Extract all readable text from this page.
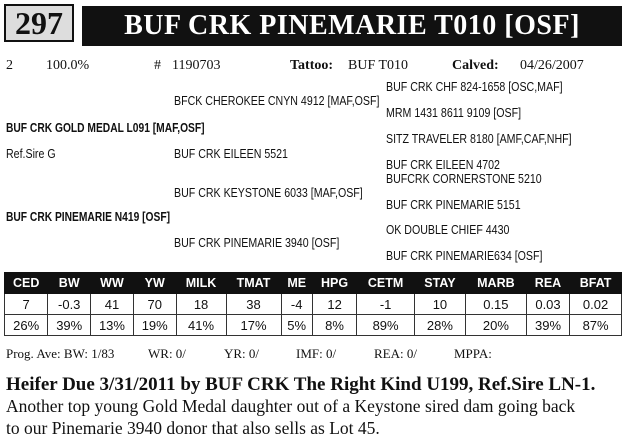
297	BUF CRK PINEMARIE T010 [OSF]
2 100.0%	# 1190703	Tattoo: BUF T010	Calved: 04/26/2007
BUF CRK CHF 824-1658 [OSC,MAF]
BFCK CHEROKEE CNYN 4912 [MAF,OSF]
MRM 1431 8611 9109 [OSF]
BUF CRK GOLD MEDAL L091 [MAF,OSF]
SITZ TRAVELER 8180 [AMF,CAF,NHF]
Ref.Sire G	BUF CRK EILEEN 5521
BUF CRK EILEEN 4702
BUFCRK CORNERSTONE 5210
BUF CRK KEYSTONE 6033 [MAF,OSF]
BUF CRK PINEMARIE 5151
BUF CRK PINEMARIE N419 [OSF]
OK DOUBLE CHIEF 4430
BUF CRK PINEMARIE 3940 [OSF]
BUF CRK PINEMARIE634 [OSF]
CED	BW	WW	YW	MILK	TMAT	ME	HPG	CETM	STAY	MARB	REA	BFAT
7	-0.3	41	70	18	38	-4	12	-1	10	0.15	0.03	0.02
26%	39%	13%	19%	41%	17%	5%	8%	89%	28%	20%	39%	87%
Prog. Ave: BW: 1/83	WR: 0/	YR: 0/	IMF: 0/	REA: 0/	MPPA:
Heifer Due 3/31/2011 by BUF CRK The Right Kind U199, Ref.Sire LN-1.
Another top young Gold Medal daughter out of a Keystone sired dam going back
to our Pinemarie 3940 donor that also sells as Lot 45.
